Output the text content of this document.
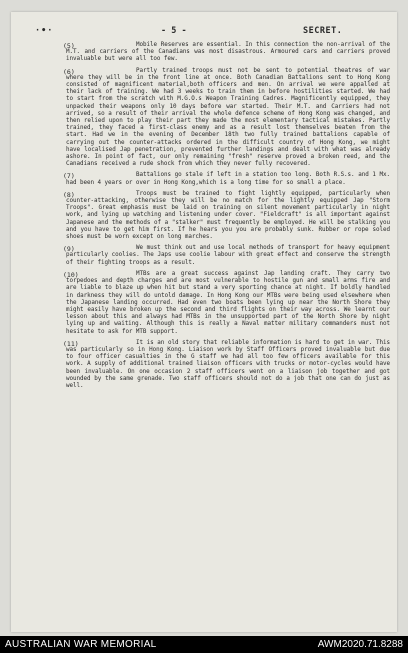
·•·	- 5 -	SECRET.
(5)	Mobile Reserves are essential. In this connection the non-arrival of the M.T. and carriers of the Canadians was most disastrous. Armoured cars and carriers proved invaluable but were all too few.
(6)	Partly trained troops must not be sent to potential theatres of war where they will be in the front line at once. Both Canadian Battalions sent to Hong Kong consisted of magnificent material,both officers and men. On arrival we were appalled at their lack of training. We had 3 weeks to train them in before hostilities started. We had to start from the scratch with M.G.O.s Weapon Training Cadres. Magnificently equipped, they unpacked their weapons only 10 days before war started. Their M.T. and Carriers had not arrived, so a result of their arrival the whole defence scheme of Hong Kong was changed, and then relied upon to play their part they made the most elementary tactical mistakes. Partly trained, they faced a first-class enemy and as a result lost themselves beaten from the start. Had we in the evening of December 18th two fully trained battalions capable of carrying out the counter-attacks ordered in the difficult country of Hong Kong, we might have localised Jap penetration, prevented further landings and dealt with what was already ashore. In point of fact, our only remaining "fresh" reserve proved a broken reed, and the Canadians received a rude shock from which they never fully recovered.
(7)	Battalions go stale if left in a station too long. Both R.S.s. and 1 Mx. had been 4 years or over in Hong Kong,which is a long time for so small a place.
(8)	Troops must be trained to fight lightly equipped, particularly when counter-attacking, otherwise they will be no match for the lightly equipped Jap "Storm Troops". Great emphasis must be laid on training on silent movement particularly in night work, and lying up watching and listening under cover. "Fieldcraft" is all important against Japanese and the methods of a "stalker" must frequently be employed. He will be stalking you and you have to get him first. If he hears you you are probably sunk. Rubber or rope soled shoes must be worn except on long marches.
(9)	We must think out and use local methods of transport for heavy equipment particularly coolies. The Japs use coolie labour with great effect and conserve the strength of their fighting troops as a result.
(10)	MTBs are a great success against Jap landing craft. They carry two torpedoes and depth charges and are most vulnerable to hostile gun and small arms fire and are liable to blaze up when hit but stand a very sporting chance at night. If boldly handled in darkness they will do untold damage. In Hong Kong our MTBs were being used elsewhere when the Japanese landing occurred. Had even two boats been lying up near the North Shore they might easily have broken up the second and third flights on their way across. We learnt our lesson about this and always had MTBs in the unsupported part of the North Shore by night lying up and waiting. Although this is really a Naval matter military commanders must not hesitate to ask for MTB support.
(11)	It is an old story that reliable information is hard to get in war. This was particularly so in Hong Kong. Liaison work by Staff Officers proved invaluable but due to four officer casualties in the G staff we had all too few officers available for this work. A supply of additional trained liaison officers with trucks or motor-cycles would have been invaluable. On one occasion 2 staff officers went on a liaison job together and got wounded by the same grenade. Two staff officers should not do a job that one can do just as well.
AUSTRALIAN WAR MEMORIAL	AWM2020.71.8288
